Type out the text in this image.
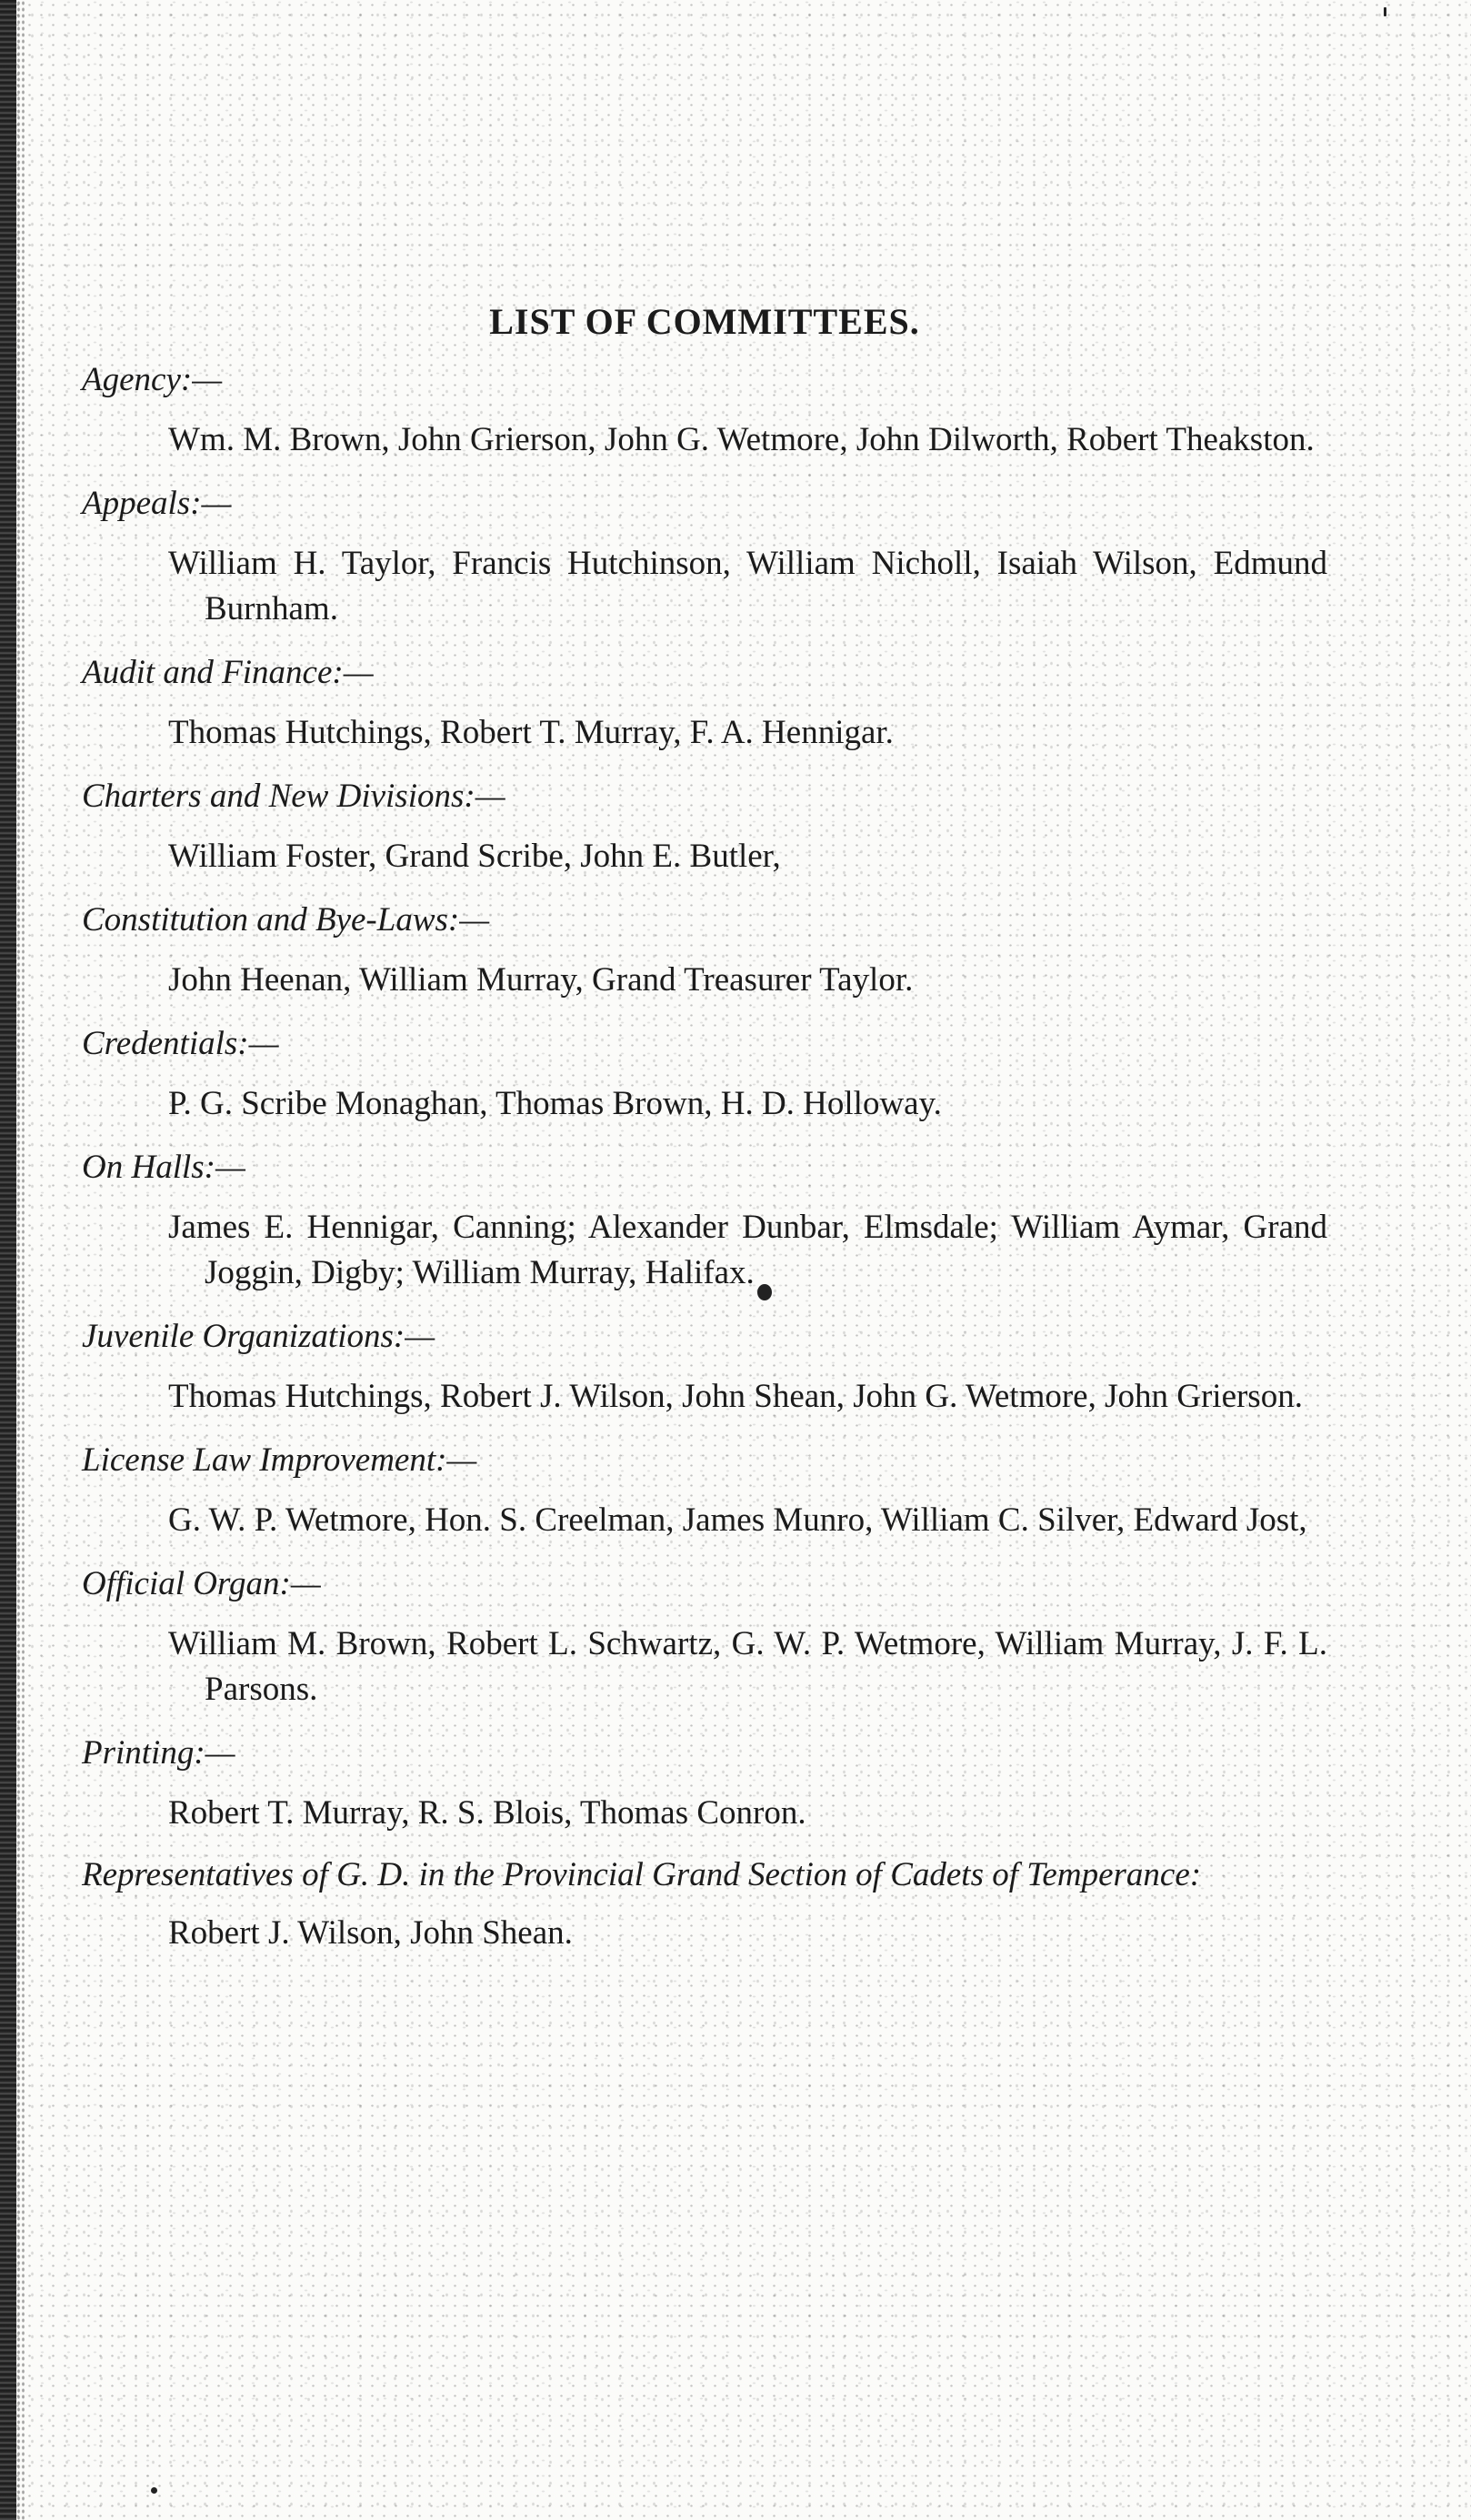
LIST OF COMMITTEES.
Agency:—
Wm. M. Brown, John Grierson, John G. Wetmore, John Dilworth, Robert Theakston.
Appeals:—
William H. Taylor, Francis Hutchinson, William Nicholl, Isaiah Wilson, Edmund Burnham.
Audit and Finance:—
Thomas Hutchings, Robert T. Murray, F. A. Hennigar.
Charters and New Divisions:—
William Foster, Grand Scribe, John E. Butler,
Constitution and Bye-Laws:—
John Heenan, William Murray, Grand Treasurer Taylor.
Credentials:—
P. G. Scribe Monaghan, Thomas Brown, H. D. Holloway.
On Halls:—
James E. Hennigar, Canning; Alexander Dunbar, Elmsdale; William Aymar, Grand Joggin, Digby; William Murray, Halifax.
Juvenile Organizations:—
Thomas Hutchings, Robert J. Wilson, John Shean, John G. Wetmore, John Grierson.
License Law Improvement:—
G. W. P. Wetmore, Hon. S. Creelman, James Munro, William C. Silver, Edward Jost,
Official Organ:—
William M. Brown, Robert L. Schwartz, G. W. P. Wetmore, William Murray, J. F. L. Parsons.
Printing:—
Robert T. Murray, R. S. Blois, Thomas Conron.
Representatives of G. D. in the Provincial Grand Section of Cadets of Temperance:
Robert J. Wilson, John Shean.
